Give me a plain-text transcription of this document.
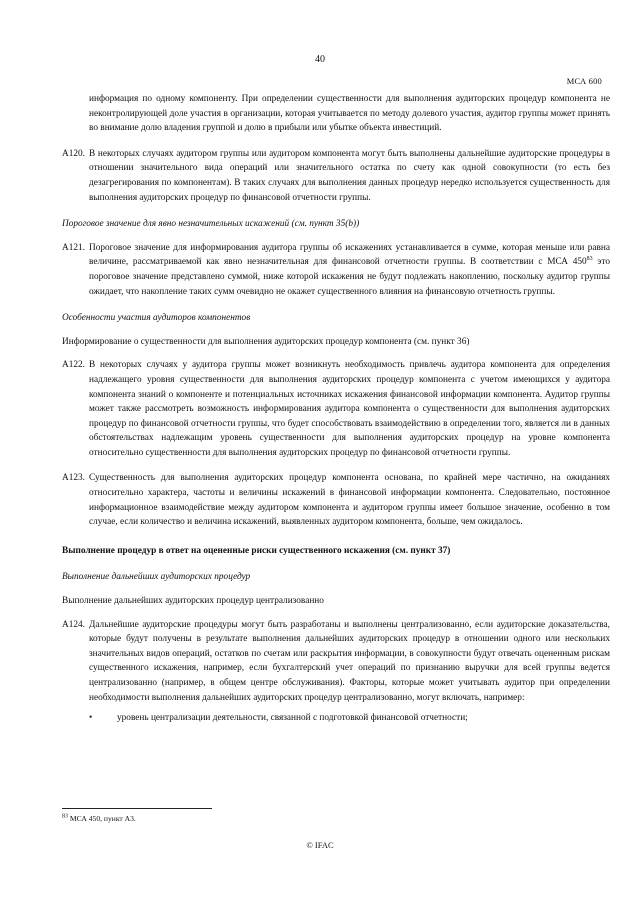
40
МСА 600
информация по одному компоненту. При определении существенности для выполнения аудиторских процедур компонента не неконтролирующей доле участия в организации, которая учитывается по методу долевого участия, аудитор группы может принять во внимание долю владения группой и долю в прибыли или убытке объекта инвестиций.
A120. В некоторых случаях аудитором группы или аудитором компонента могут быть выполнены дальнейшие аудиторские процедуры в отношении значительного вида операций или значительного остатка по счету как одной совокупности (то есть без дезагрегирования по компонентам). В таких случаях для выполнения данных процедур нередко используется существенность для выполнения аудиторских процедур по финансовой отчетности группы.
Пороговое значение для явно незначительных искажений (см. пункт 35(b))
A121. Пороговое значение для информирования аудитора группы об искажениях устанавливается в сумме, которая меньше или равна величине, рассматриваемой как явно незначительная для финансовой отчетности группы. В соответствии с МСА $450^{83}$ это пороговое значение представлено суммой, ниже которой искажения не будут подлежать накоплению, поскольку аудитор группы ожидает, что накопление таких сумм очевидно не окажет существенного влияния на финансовую отчетность группы.
Особенности участия аудиторов компонентов
Информирование о существенности для выполнения аудиторских процедур компонента (см. пункт 36)
A122. В некоторых случаях у аудитора группы может возникнуть необходимость привлечь аудитора компонента для определения надлежащего уровня существенности для выполнения аудиторских процедур компонента с учетом имеющихся у аудитора компонента знаний о компоненте и потенциальных источниках искажения финансовой информации компонента. Аудитор группы может также рассмотреть возможность информирования аудитора компонента о существенности для выполнения аудиторских процедур по финансовой отчетности группы, что будет способствовать взаимодействию в определении того, является ли в данных обстоятельствах надлежащим уровень существенности для выполнения аудиторских процедур на уровне компонента относительно существенности для выполнения аудиторских процедур по финансовой отчетности группы.
A123. Существенность для выполнения аудиторских процедур компонента основана, по крайней мере частично, на ожиданиях относительно характера, частоты и величины искажений в финансовой информации компонента. Следовательно, постоянное информационное взаимодействие между аудитором компонента и аудитором группы имеет большое значение, особенно в том случае, если количество и величина искажений, выявленных аудитором компонента, больше, чем ожидалось.
Выполнение процедур в ответ на оцененные риски существенного искажения (см. пункт 37)
Выполнение дальнейших аудиторских процедур
Выполнение дальнейших аудиторских процедур централизованно
A124. Дальнейшие аудиторские процедуры могут быть разработаны и выполнены централизованно, если аудиторские доказательства, которые будут получены в результате выполнения дальнейших аудиторских процедур в отношении одного или нескольких значительных видов операций, остатков по счетам или раскрытия информации, в совокупности будут отвечать оцененным рискам существенного искажения, например, если бухгалтерский учет операций по признанию выручки для всей группы ведется централизованно (например, в общем центре обслуживания). Факторы, которые может учитывать аудитор при определении необходимости выполнения дальнейших аудиторских процедур централизованно, могут включать, например:
•	уровень централизации деятельности, связанной с подготовкой финансовой отчетности;
$^{83}$ МСА 450, пункт A3.
© IFAC
